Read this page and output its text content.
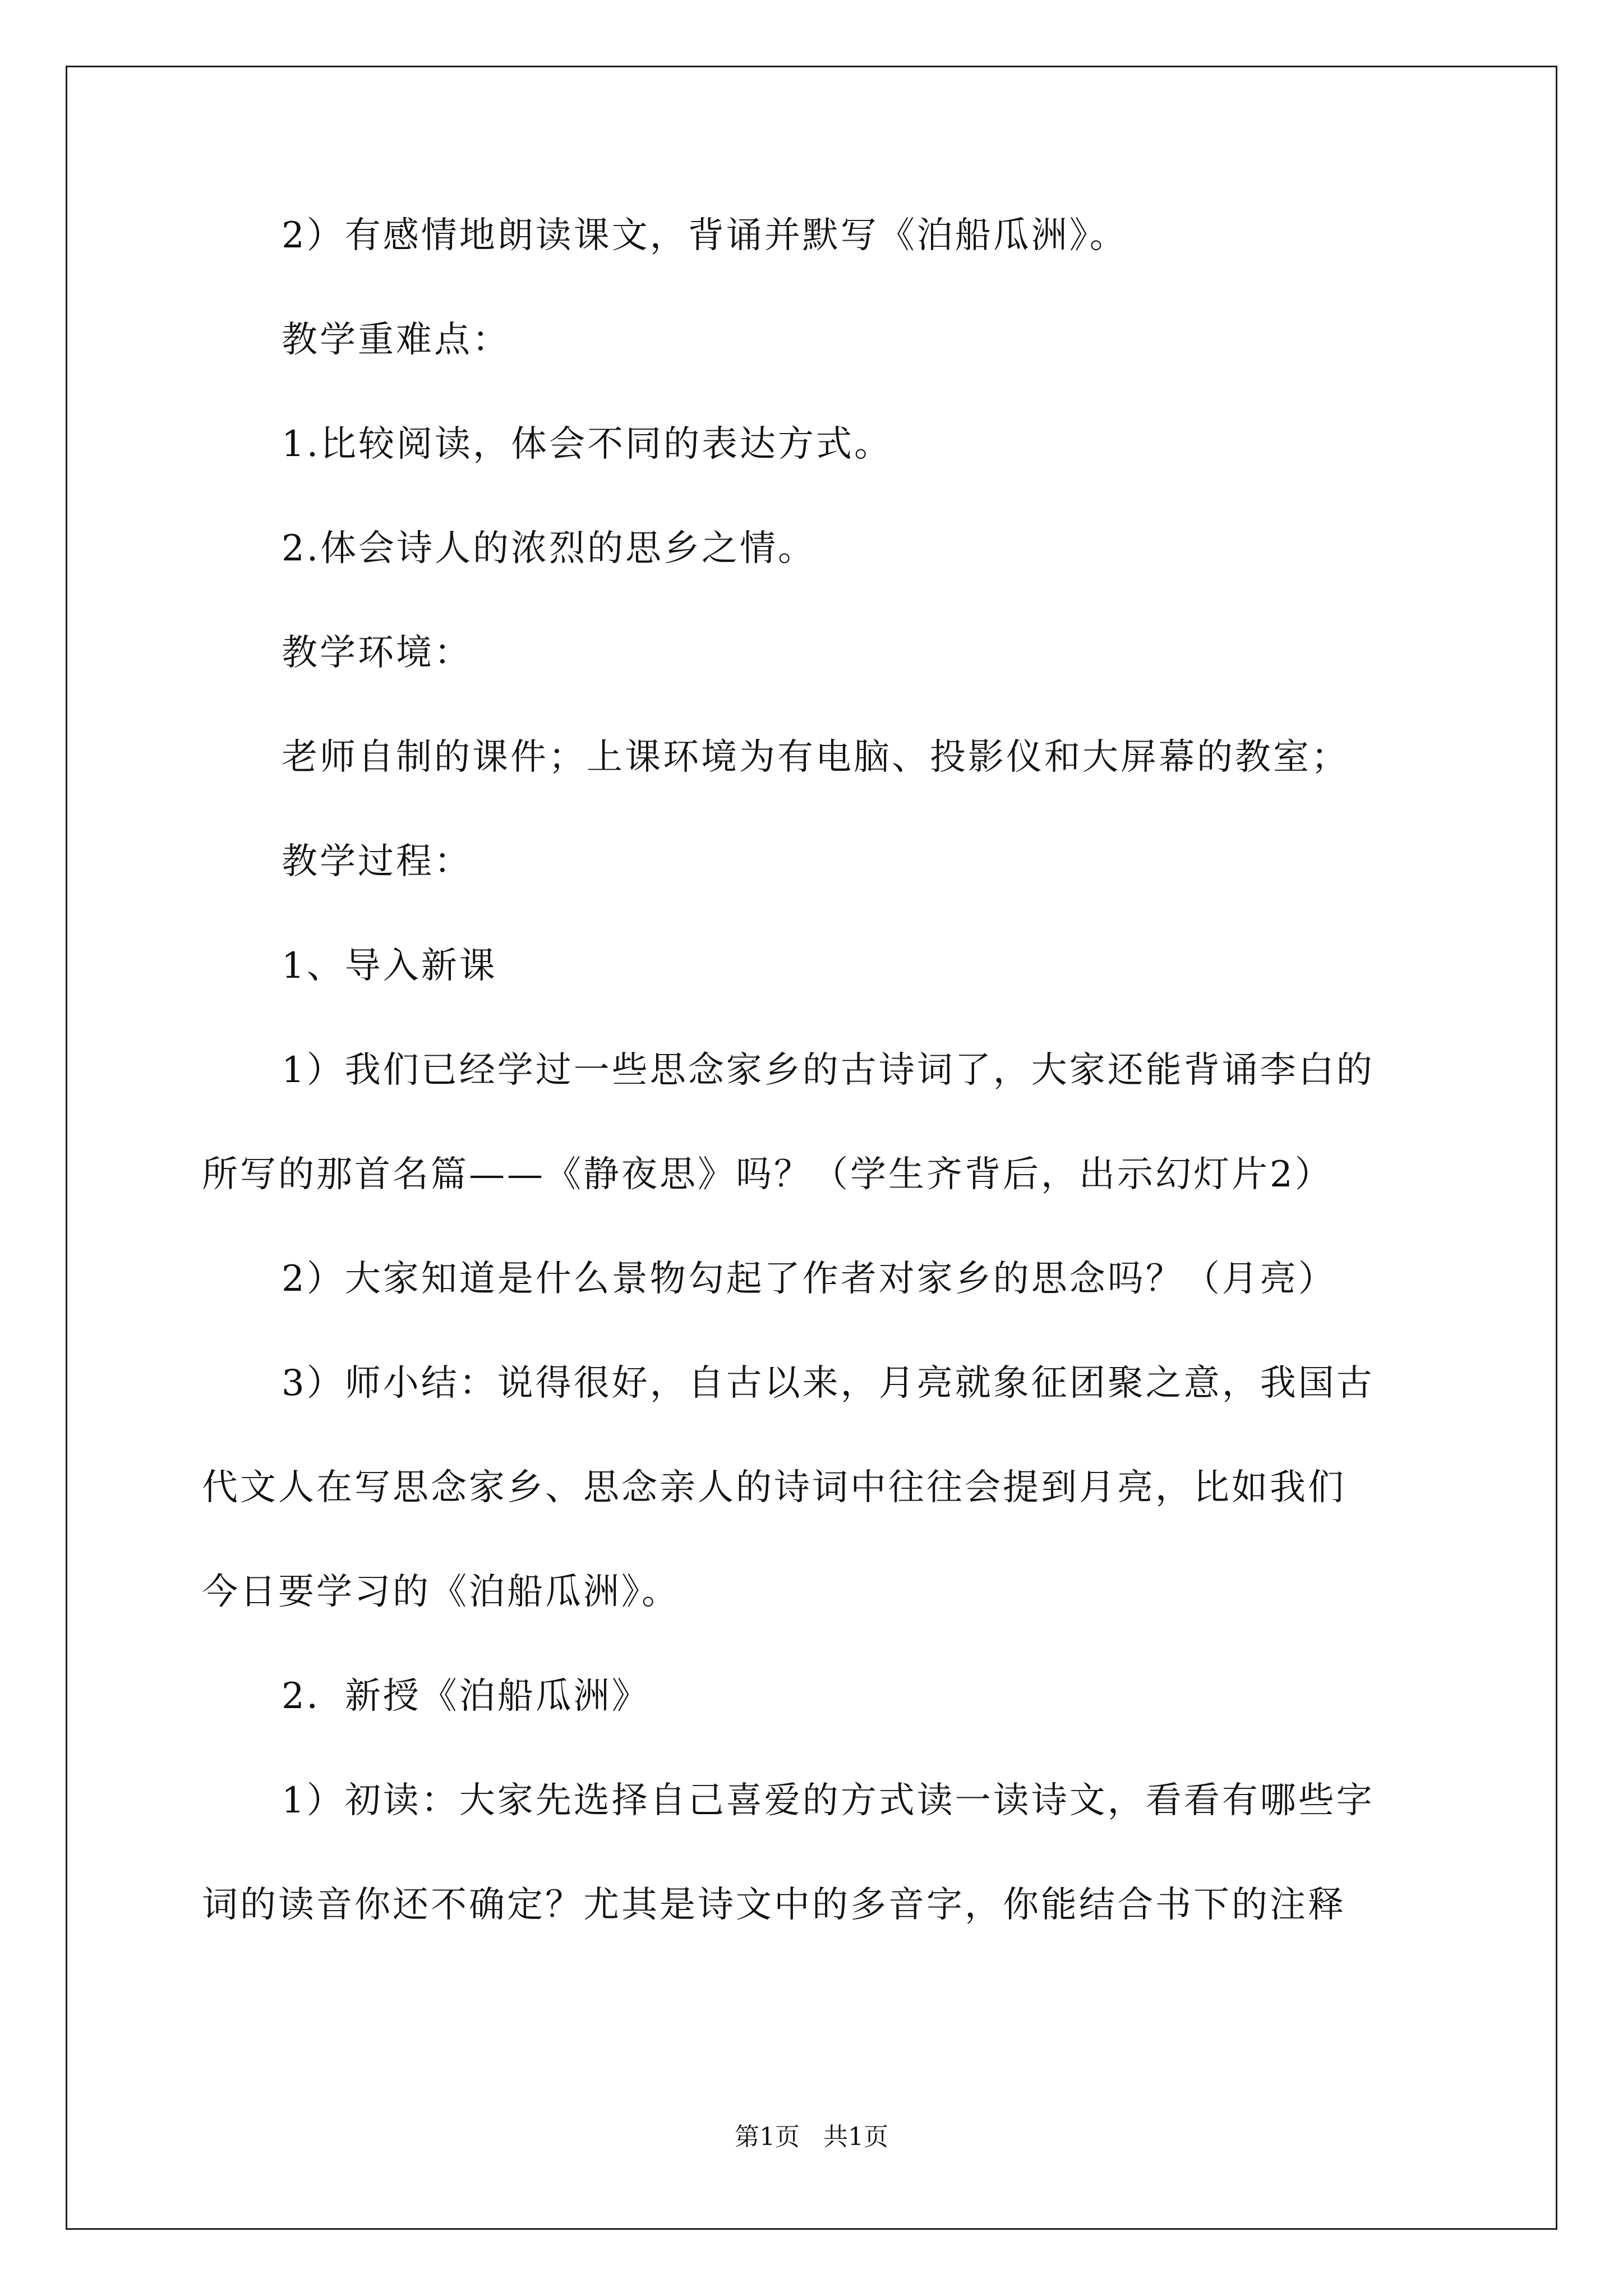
2）有感情地朗读课文，背诵并默写《泊船瓜洲》。
教学重难点：
1.比较阅读，体会不同的表达方式。
2.体会诗人的浓烈的思乡之情。
教学环境：
老师自制的课件；上课环境为有电脑、投影仪和大屏幕的教室；
教学过程：
1、导入新课
1）我们已经学过一些思念家乡的古诗词了，大家还能背诵李白的
所写的那首名篇——《静夜思》吗？（学生齐背后，出示幻灯片2）
2）大家知道是什么景物勾起了作者对家乡的思念吗？（月亮）
3）师小结：说得很好，自古以来，月亮就象征团聚之意，我国古
代文人在写思念家乡、思念亲人的诗词中往往会提到月亮，比如我们
今日要学习的《泊船瓜洲》。
2．新授《泊船瓜洲》
1）初读：大家先选择自己喜爱的方式读一读诗文，看看有哪些字
词的读音你还不确定？尤其是诗文中的多音字，你能结合书下的注释
第1页 共1页
